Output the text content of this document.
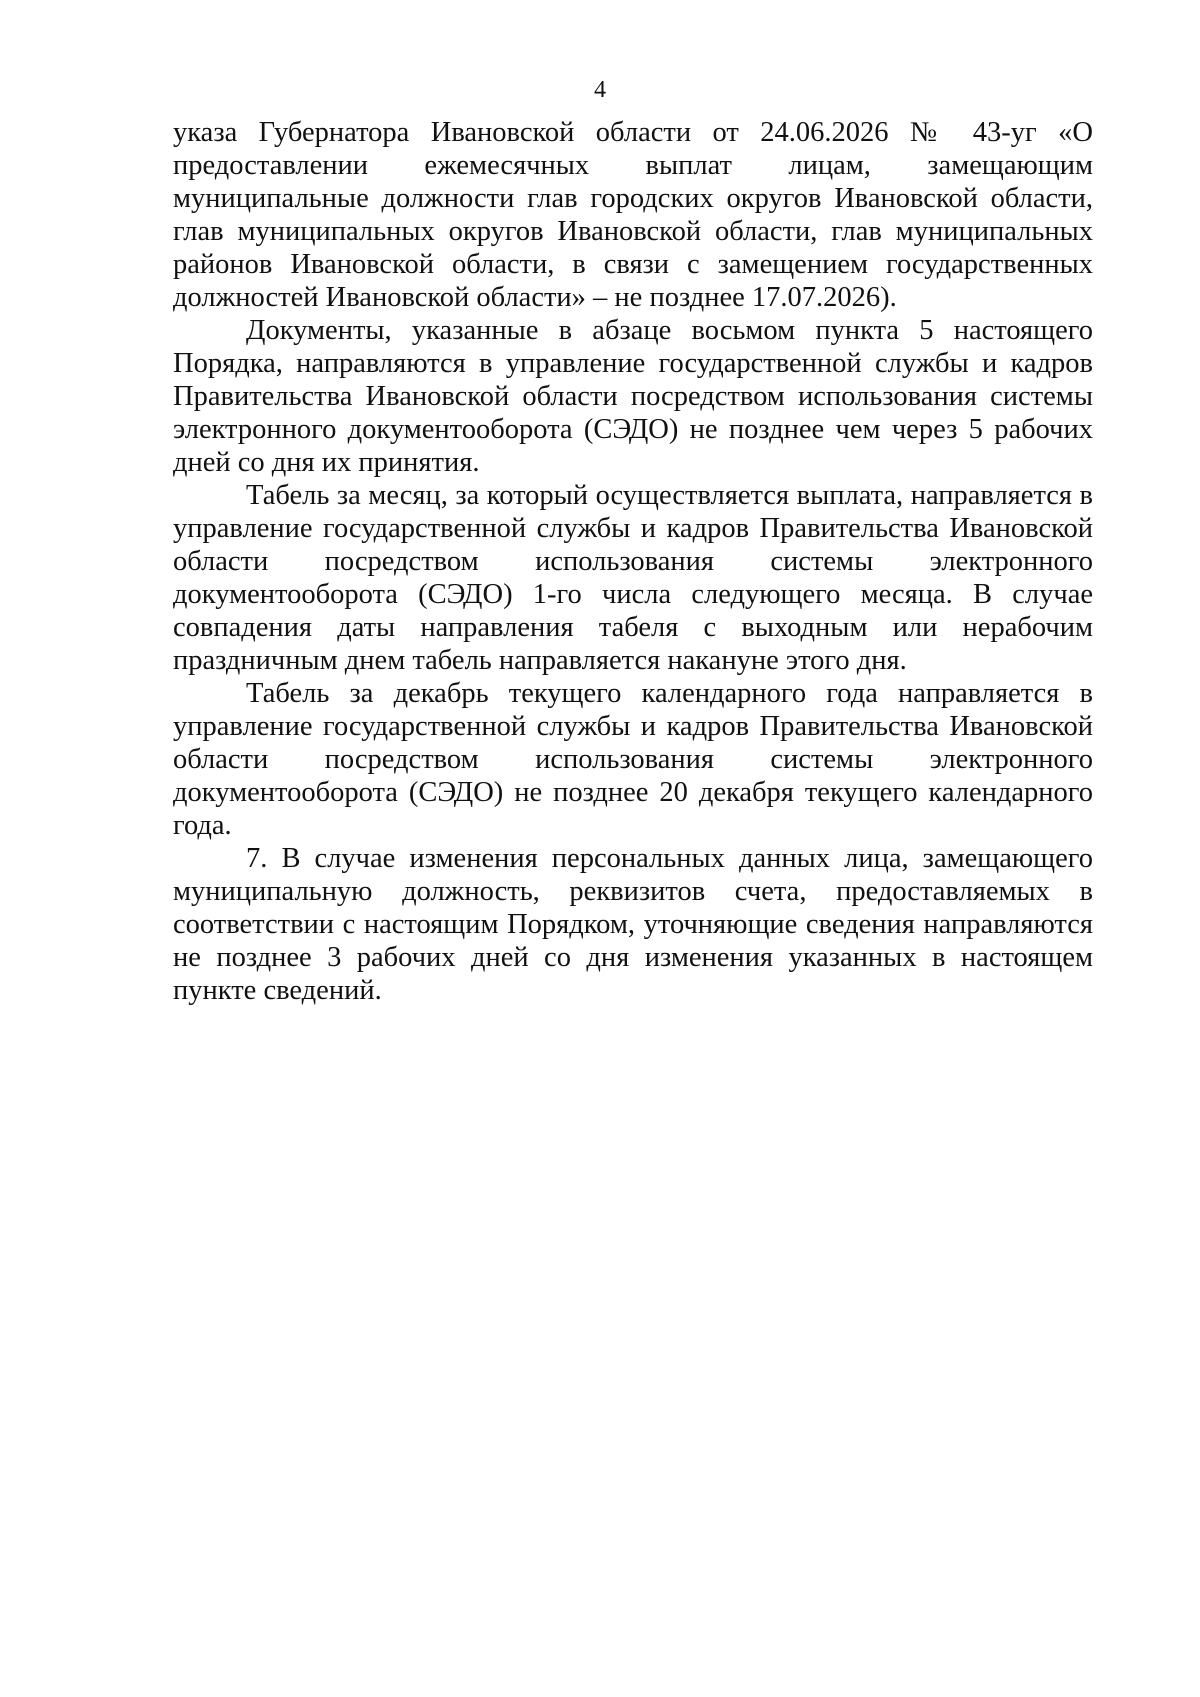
4

указа Губернатора Ивановской области от 24.06.2026 № 43-уг «О предоставлении ежемесячных выплат лицам, замещающим муниципальные должности глав городских округов Ивановской области, глав муниципальных округов Ивановской области, глав муниципальных районов Ивановской области, в связи с замещением государственных должностей Ивановской области» – не позднее 17.07.2026).

Документы, указанные в абзаце восьмом пункта 5 настоящего Порядка, направляются в управление государственной службы и кадров Правительства Ивановской области посредством использования системы электронного документооборота (СЭДО) не позднее чем через 5 рабочих дней со дня их принятия.

Табель за месяц, за который осуществляется выплата, направляется в управление государственной службы и кадров Правительства Ивановской области посредством использования системы электронного документооборота (СЭДО) 1-го числа следующего месяца. В случае совпадения даты направления табеля с выходным или нерабочим праздничным днем табель направляется накануне этого дня.

Табель за декабрь текущего календарного года направляется в управление государственной службы и кадров Правительства Ивановской области посредством использования системы электронного документооборота (СЭДО) не позднее 20 декабря текущего календарного года.

7. В случае изменения персональных данных лица, замещающего муниципальную должность, реквизитов счета, предоставляемых в соответствии с настоящим Порядком, уточняющие сведения направляются не позднее 3 рабочих дней со дня изменения указанных в настоящем пункте сведений.
